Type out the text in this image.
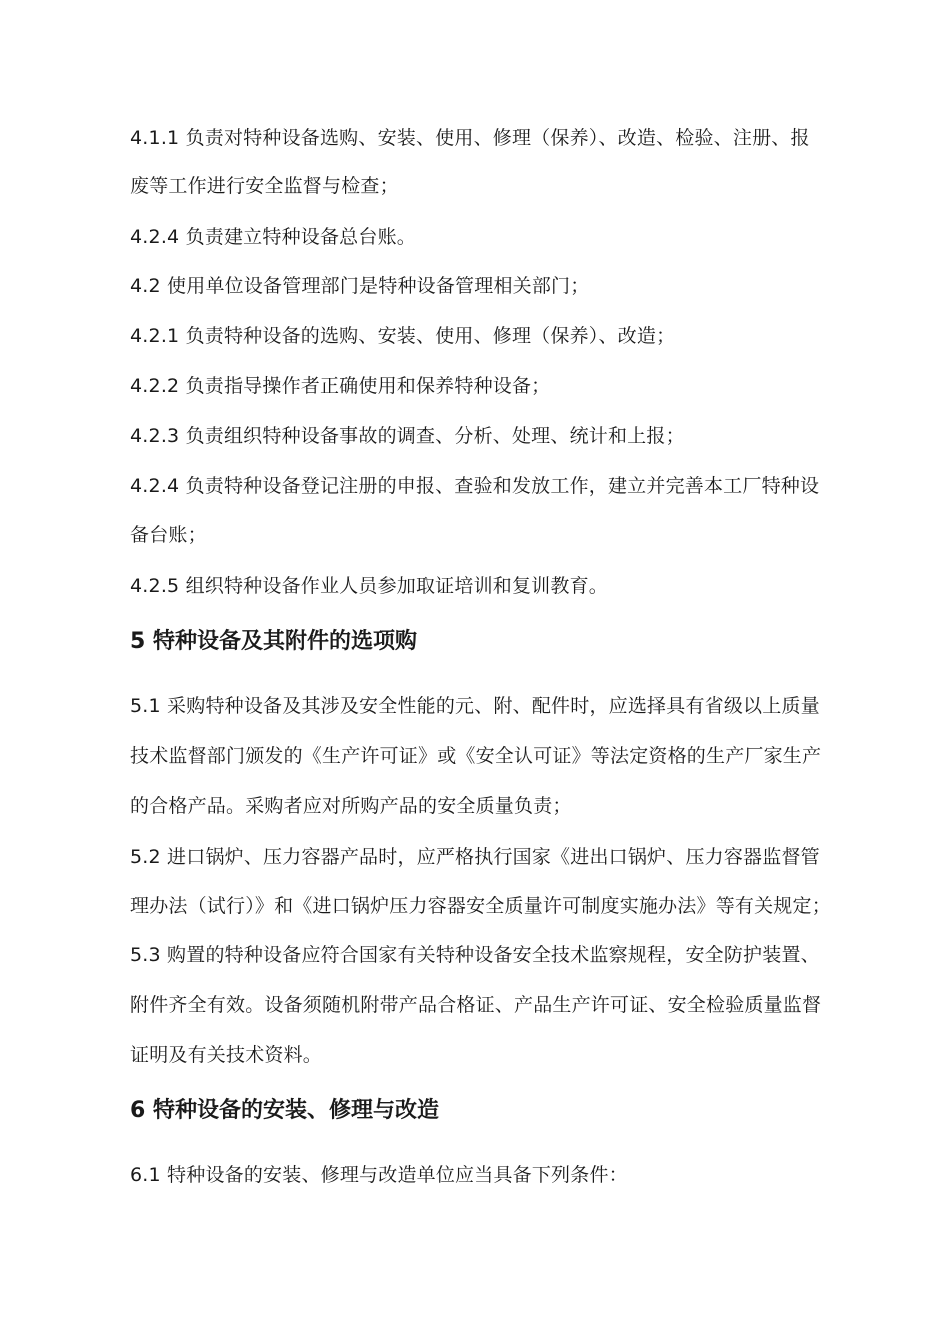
4.1.1 负责对特种设备选购、安装、使用、修理（保养）、改造、检验、注册、报
废等工作进行安全监督与检查；
4.2.4 负责建立特种设备总台账。
4.2 使用单位设备管理部门是特种设备管理相关部门；
4.2.1 负责特种设备的选购、安装、使用、修理（保养）、改造；
4.2.2 负责指导操作者正确使用和保养特种设备；
4.2.3 负责组织特种设备事故的调查、分析、处理、统计和上报；
4.2.4 负责特种设备登记注册的申报、查验和发放工作，建立并完善本工厂特种设
备台账；
4.2.5 组织特种设备作业人员参加取证培训和复训教育。
5 特种设备及其附件的选项购
5.1 采购特种设备及其涉及安全性能的元、附、配件时，应选择具有省级以上质量
技术监督部门颁发的《生产许可证》或《安全认可证》等法定资格的生产厂家生产
的合格产品。采购者应对所购产品的安全质量负责；
5.2 进口锅炉、压力容器产品时，应严格执行国家《进出口锅炉、压力容器监督管
理办法（试行）》和《进口锅炉压力容器安全质量许可制度实施办法》等有关规定；
5.3 购置的特种设备应符合国家有关特种设备安全技术监察规程，安全防护装置、
附件齐全有效。设备须随机附带产品合格证、产品生产许可证、安全检验质量监督
证明及有关技术资料。
6 特种设备的安装、修理与改造
6.1 特种设备的安装、修理与改造单位应当具备下列条件：
